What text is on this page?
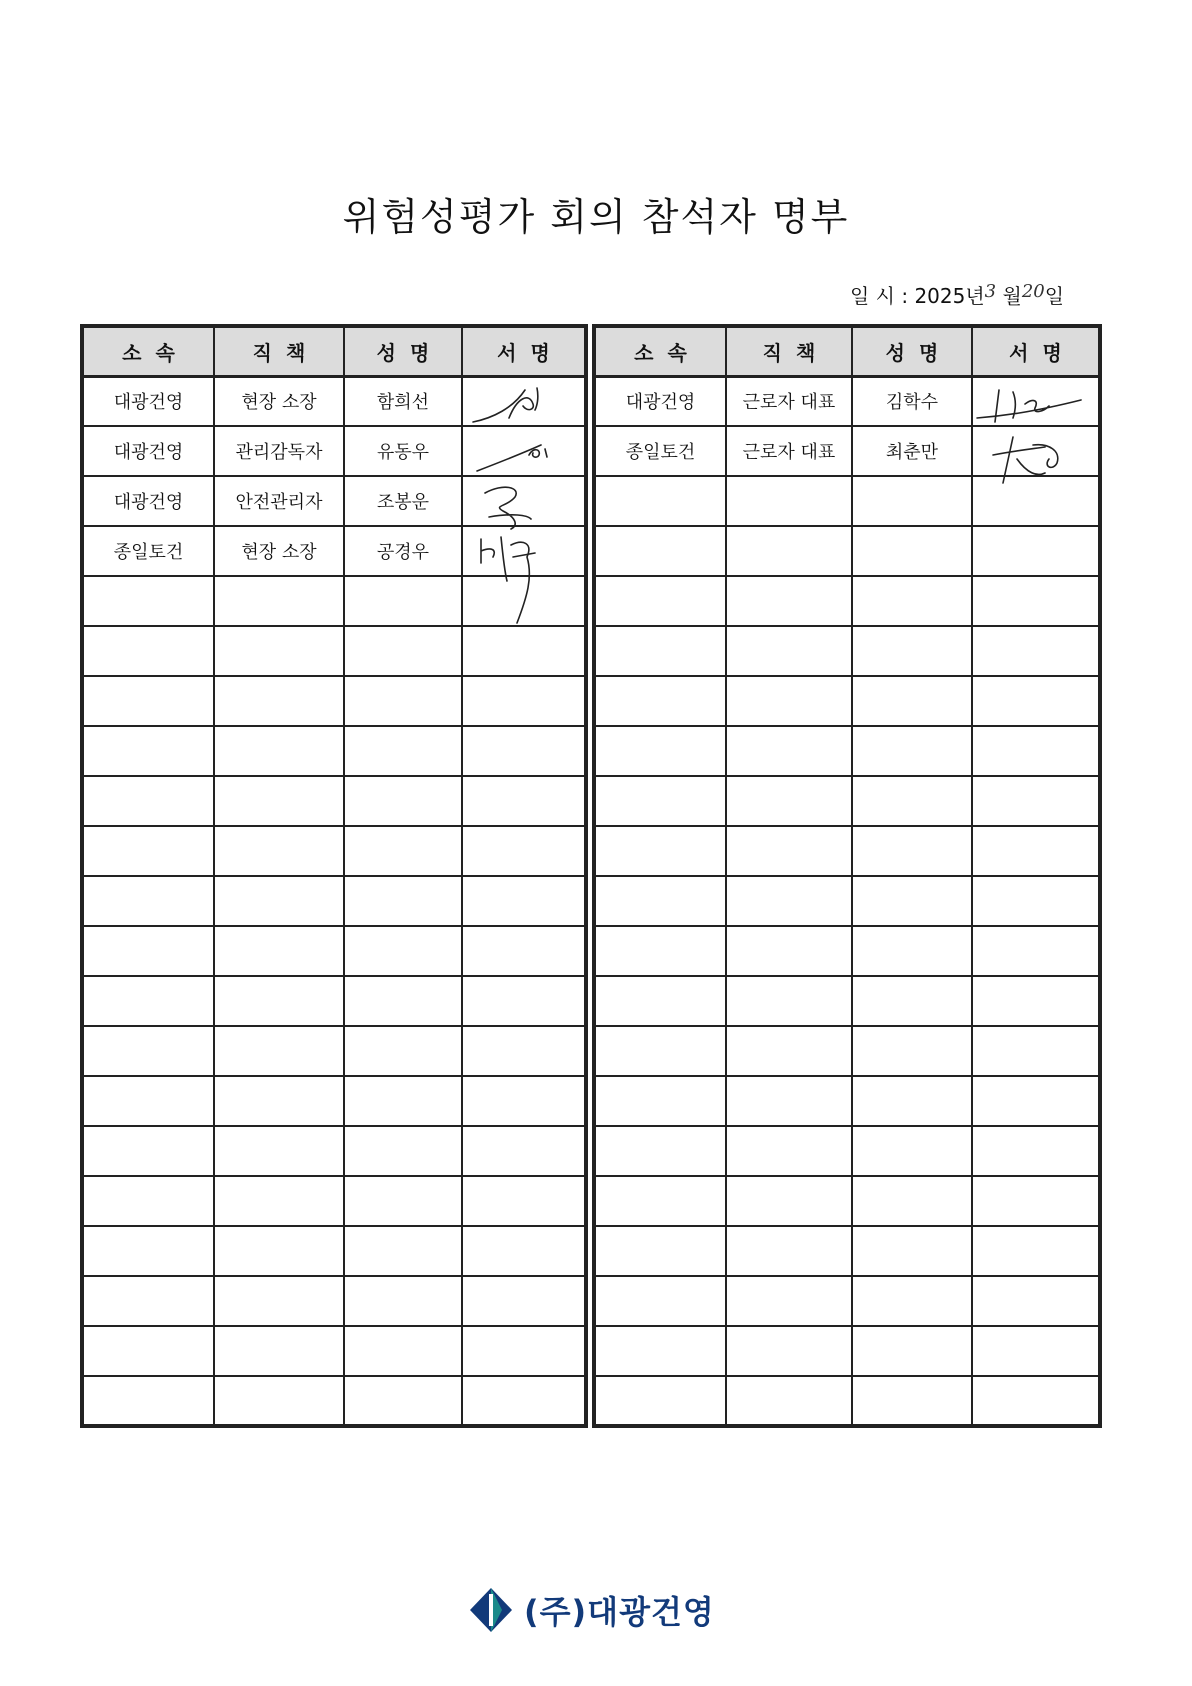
위험성평가 회의 참석자 명부
일 시 : 2025년3 월20일
소속	직책	성명	서명
대광건영	현장 소장	함희선	

대광건영	관리감독자	유동우	

대광건영	안전관리자	조봉운	

종일토건	현장 소장	공경우	

소속	직책	성명	서명
대광건영	근로자 대표	김학수	

종일토건	근로자 대표	최춘만	

(주)대광건영
